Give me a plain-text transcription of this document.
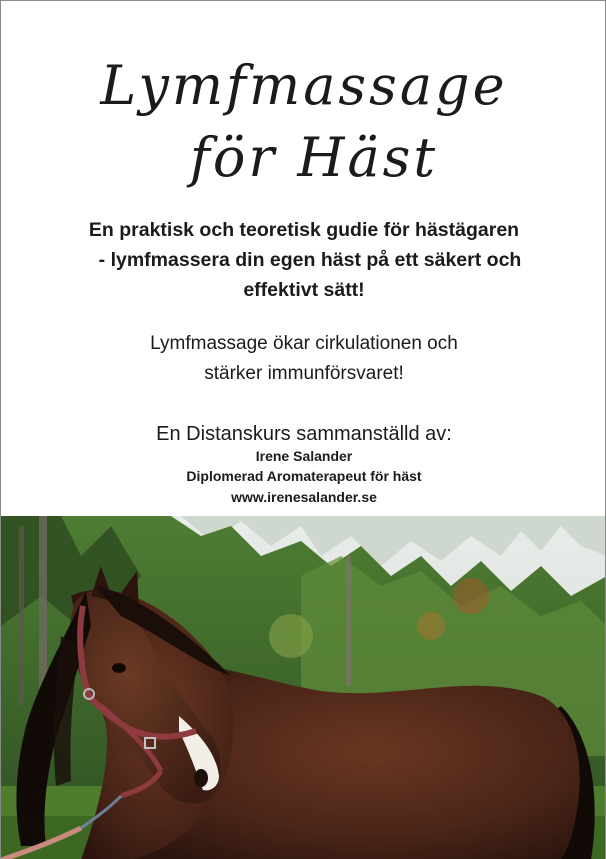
Lymfmassage
för Häst
En praktisk och teoretisk gudie för hästägaren
- lymfmassera din egen häst på ett säkert och
effektivt sätt!
Lymfmassage ökar cirkulationen och
stärker immunförsvaret!
En Distanskurs sammanställd av:
Irene Salander
Diplomerad Aromaterapeut för häst
www.irenesalander.se
